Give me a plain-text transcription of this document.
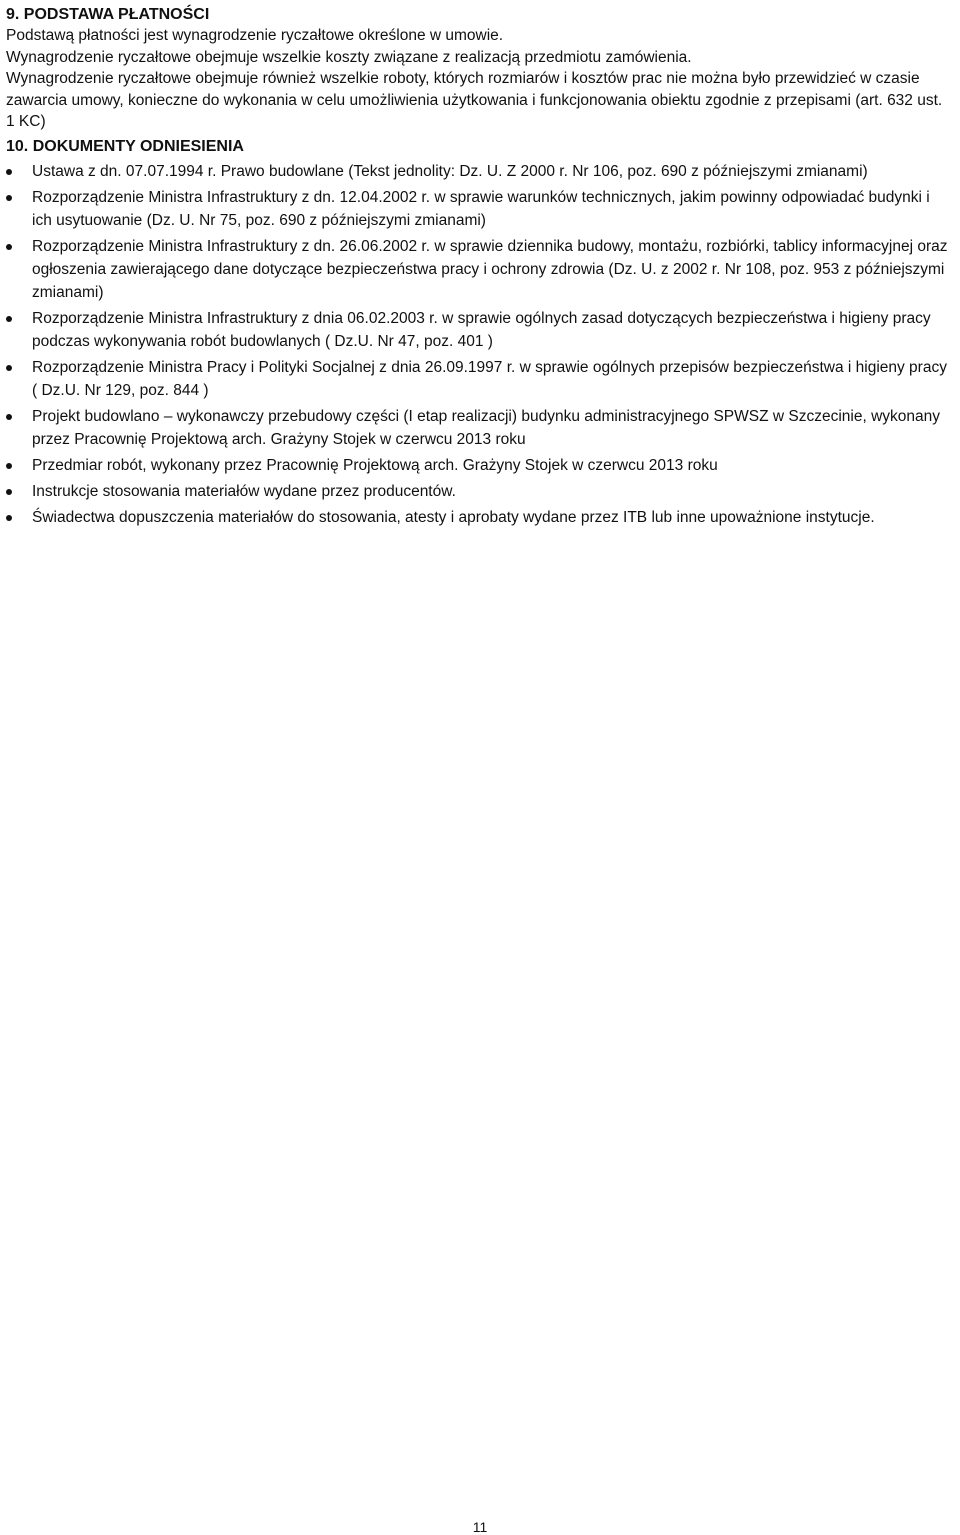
9. PODSTAWA PŁATNOŚCI

Podstawą płatności jest wynagrodzenie ryczałtowe określone w umowie.

Wynagrodzenie ryczałtowe obejmuje wszelkie koszty związane z realizacją przedmiotu zamówienia.

Wynagrodzenie ryczałtowe obejmuje również wszelkie roboty, których rozmiarów i kosztów prac nie można było przewidzieć w czasie zawarcia umowy, konieczne do wykonania w celu umożliwienia użytkowania i funkcjonowania obiektu zgodnie z przepisami (art. 632 ust. 1 KC)

10. DOKUMENTY ODNIESIENIA
Ustawa z dn. 07.07.1994 r. Prawo budowlane (Tekst jednolity: Dz. U. Z 2000 r. Nr 106, poz. 690 z późniejszymi zmianami)
Rozporządzenie Ministra Infrastruktury z dn. 12.04.2002 r. w sprawie warunków technicznych, jakim powinny odpowiadać budynki i ich usytuowanie (Dz. U. Nr 75, poz. 690 z późniejszymi zmianami)
Rozporządzenie Ministra Infrastruktury z dn. 26.06.2002 r. w sprawie dziennika budowy, montażu, rozbiórki, tablicy informacyjnej oraz ogłoszenia zawierającego dane dotyczące bezpieczeństwa pracy i ochrony zdrowia (Dz. U. z 2002 r. Nr 108, poz. 953 z późniejszymi zmianami)
Rozporządzenie Ministra Infrastruktury z dnia 06.02.2003 r. w sprawie ogólnych zasad dotyczących bezpieczeństwa i higieny pracy podczas wykonywania robót budowlanych ( Dz.U. Nr 47, poz. 401 )
Rozporządzenie Ministra Pracy i Polityki Socjalnej z dnia 26.09.1997 r. w sprawie ogólnych przepisów bezpieczeństwa i higieny pracy ( Dz.U. Nr 129, poz. 844 )
Projekt budowlano – wykonawczy przebudowy części (I etap realizacji) budynku administracyjnego SPWSZ w Szczecinie, wykonany przez Pracownię Projektową arch. Grażyny Stojek w czerwcu 2013 roku
Przedmiar robót, wykonany przez Pracownię Projektową arch. Grażyny Stojek w czerwcu 2013 roku
Instrukcje stosowania materiałów wydane przez producentów.
Świadectwa dopuszczenia materiałów do stosowania, atesty i aprobaty wydane przez ITB lub inne upoważnione instytucje.
11
